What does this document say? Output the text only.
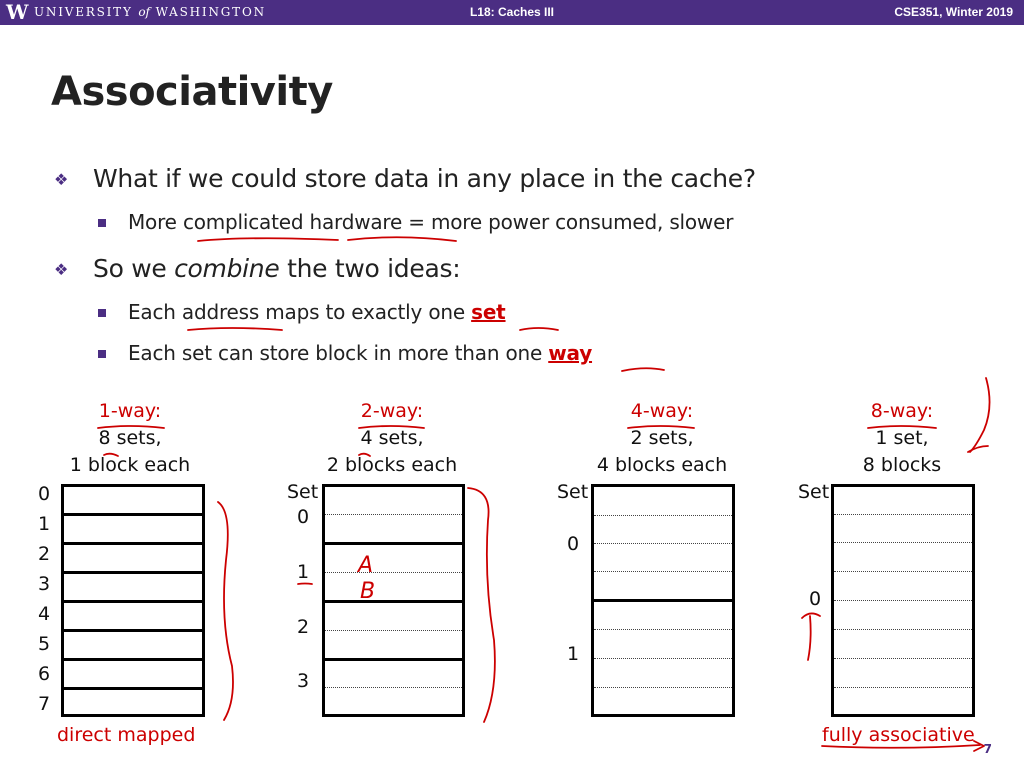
W UNIVERSITY of WASHINGTON	L18: Caches III	CSE351, Winter 2019
Associativity
❖ What if we could store data in any place in the cache?
More complicated hardware = more power consumed, slower
❖ So we combine the two ideas:
Each address maps to exactly one set
Each set can store block in more than one way
1-way:
8 sets,
1 block each
2-way:
4 sets,
2 blocks each
4-way:
2 sets,
4 blocks each
8-way:
1 set,
8 blocks
0
1
2
3
4
5
6
7
Set
0
1
2
3
Set
0
1
Set
0
direct mapped	fully associative
7
A
B
